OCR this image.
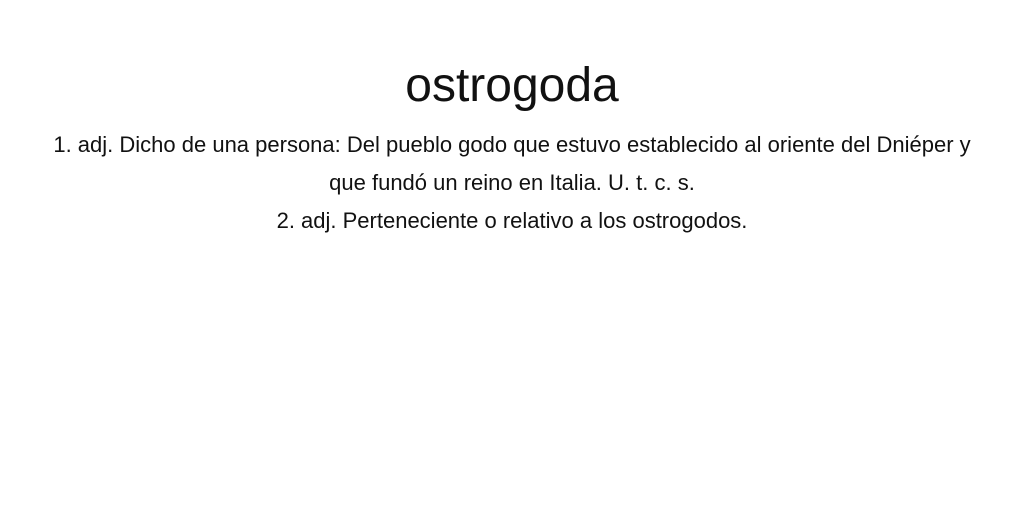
ostrogoda

1. adj. Dicho de una persona: Del pueblo godo que estuvo establecido al oriente del Dniéper y que fundó un reino en Italia. U. t. c. s.

2. adj. Perteneciente o relativo a los ostrogodos.
